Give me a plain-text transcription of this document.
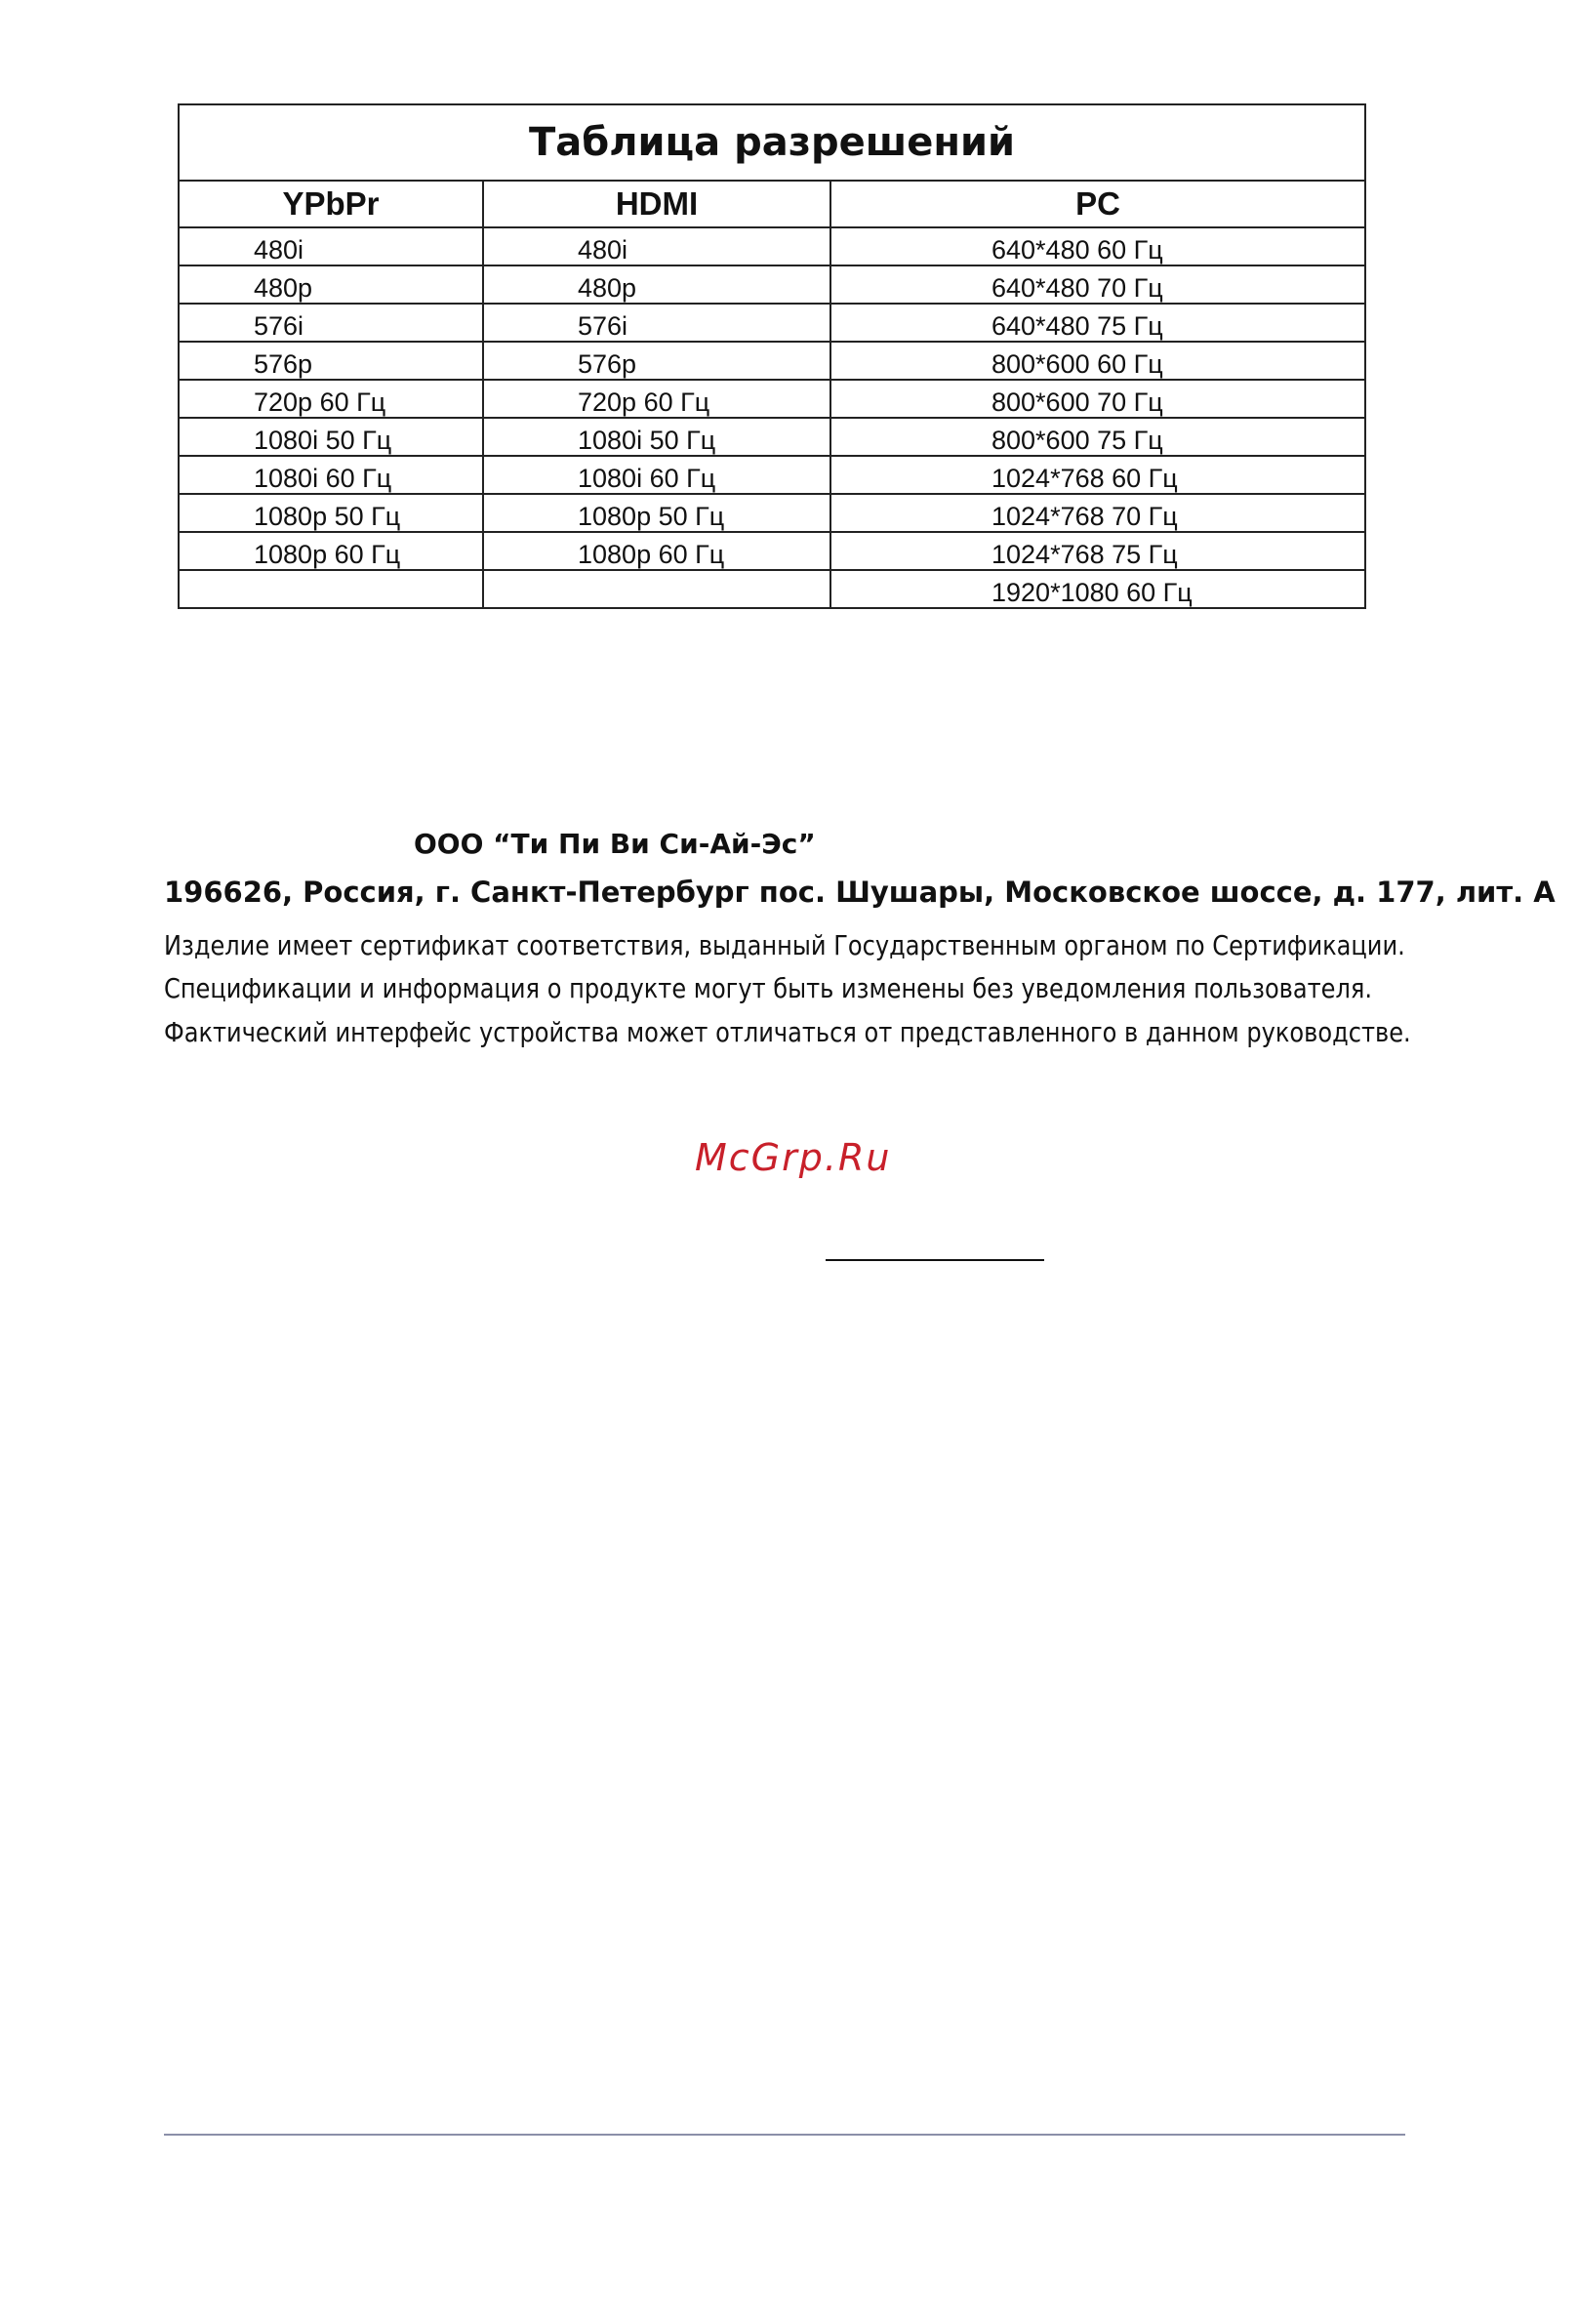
Таблица разрешений		
YPbPr	HDMI	PC
480i	480i	640*480 60 Гц
480p	480p	640*480 70 Гц
576i	576i	640*480 75 Гц
576p	576p	800*600 60 Гц
720p 60 Гц	720p 60 Гц	800*600 70 Гц
1080i 50 Гц	1080i 50 Гц	800*600 75 Гц
1080i 60 Гц	1080i 60 Гц	1024*768 60 Гц
1080p 50 Гц	1080p 50 Гц	1024*768 70 Гц
1080p 60 Гц	1080p 60 Гц	1024*768 75 Гц
		1920*1080 60 Гц

ООО “Ти Пи Ви Си-Ай-Эс”

196626, Россия, г. Санкт-Петербург пос. Шушары, Московское шоссе, д. 177, лит. А

Изделие имеет сертификат соответствия, выданный Государственным органом по Сертификации.

Спецификации и информация о продукте могут быть изменены без уведомления пользователя.

Фактический интерфейс устройства может отличаться от представленного в данном руководстве.

McGrp.Ru
